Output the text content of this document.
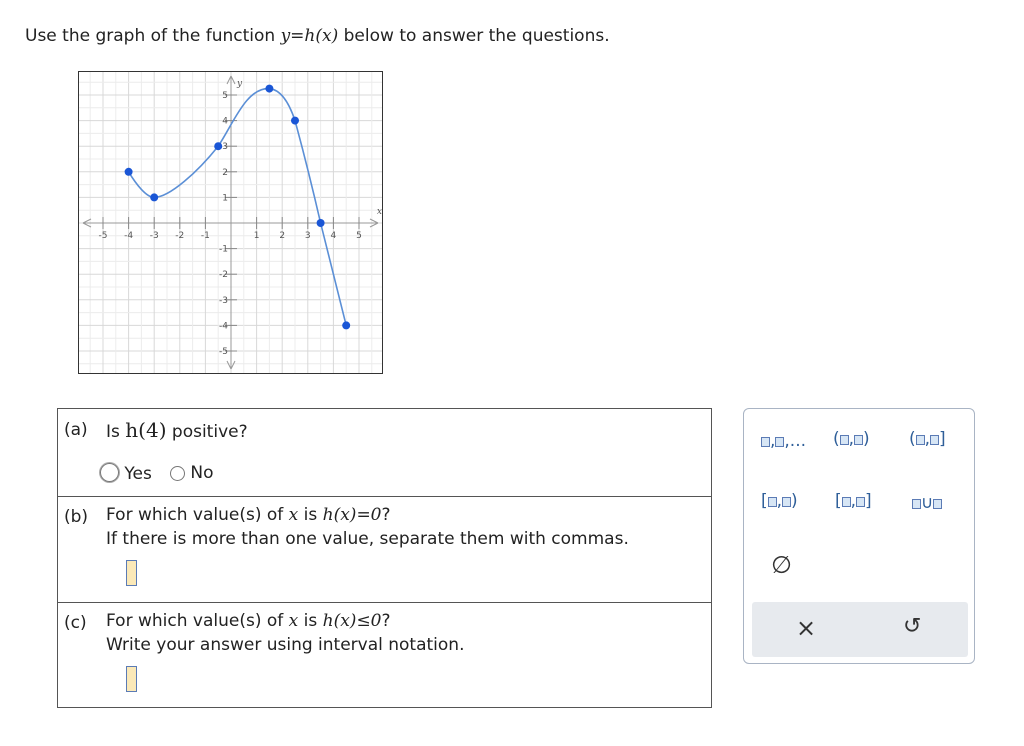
Use the graph of the function y=h(x) below to answer the questions.
-5 -4 -3 -2 -1	1 2 3 4 5
5
4
3
2
1
-1
-2
-3
-4
-5
x
y
(a) Is h(4) positive?
Yes	No
(b) For which value(s) of x is h(x)=0?
If there is more than one value, separate them with commas.
(c) For which value(s) of x is h(x)≤0?
Write your answer using interval notation.
, ,... ( , ) ( , ]
[ , ) [ , ]	∪
∅
×	↺
